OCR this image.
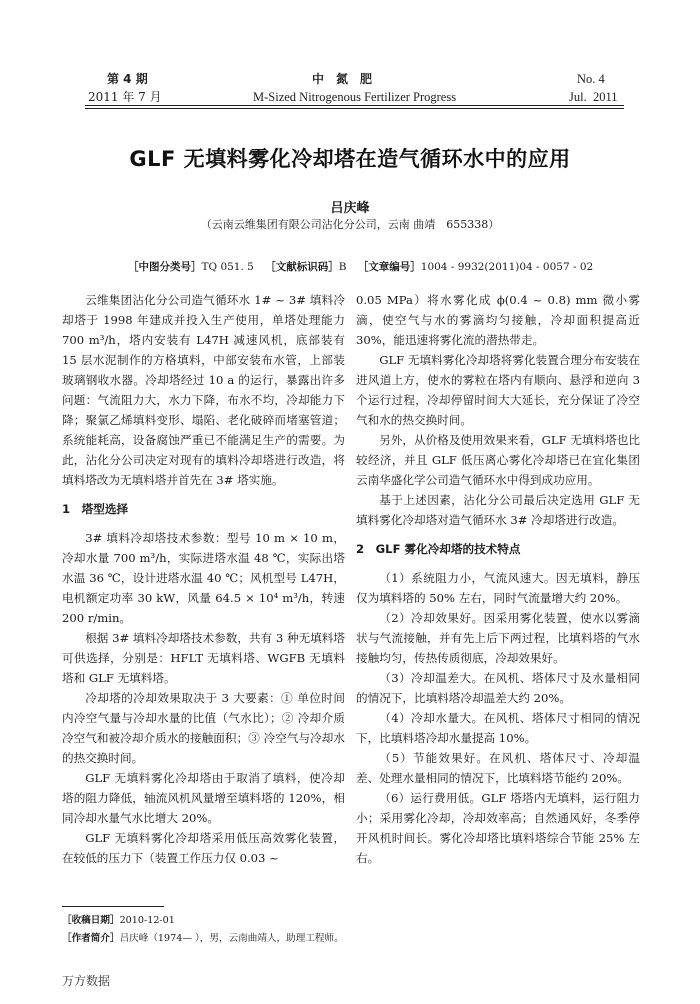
第 4 期
2011 年 7 月
中　氮　肥
M-Sized Nitrogenous Fertilizer Progress
No. 4
Jul.  2011
GLF 无填料雾化冷却塔在造气循环水中的应用
吕庆峰
（云南云维集团有限公司沾化分公司，云南 曲靖　655338）
［中图分类号］TQ 051. 5 ［文献标识码］B ［文章编号］1004 - 9932(2011)04 - 0057 - 02

云维集团沾化分公司造气循环水 1# ~ 3# 填料冷却塔于 1998 年建成并投入生产使用，单塔处理能力 700 m³/h，塔内安装有 L47H 减速风机，底部装有 15 层水泥制作的方格填料，中部安装布水管，上部装玻璃钢收水器。冷却塔经过 10 a 的运行，暴露出许多问题：气流阻力大，水力下降，布水不均，冷却能力下降；聚氯乙烯填料变形、塌陷、老化破碎而堵塞管道；系统能耗高，设备腐蚀严重已不能满足生产的需要。为此，沾化分公司决定对现有的填料冷却塔进行改造，将填料塔改为无填料塔并首先在 3# 塔实施。

1　塔型选择

3# 填料冷却塔技术参数：型号 10 m × 10 m，冷却水量 700 m³/h，实际进塔水温 48 ℃，实际出塔水温 36 ℃，设计进塔水温 40 ℃；风机型号 L47H，电机额定功率 30 kW，风量 64.5 × 10⁴ m³/h，转速 200 r/min。

根据 3# 填料冷却塔技术参数，共有 3 种无填料塔可供选择，分别是：HFLT 无填料塔、WGFB 无填料塔和 GLF 无填料塔。

冷却塔的冷却效果取决于 3 大要素：① 单位时间内冷空气量与冷却水量的比值（气水比）；② 冷却介质冷空气和被冷却介质水的接触面积；③ 冷空气与冷却水的热交换时间。

GLF 无填料雾化冷却塔由于取消了填料，使冷却塔的阻力降低，轴流风机风量增至填料塔的 120%，相同冷却水量气水比增大 20%。

GLF 无填料雾化冷却塔采用低压高效雾化装置，在较低的压力下（装置工作压力仅 0.03 ~

0.05 MPa）将水雾化成 ϕ(0.4 ~ 0.8) mm 微小雾滴，使空气与水的雾滴均匀接触，冷却面积提高近 30%，能迅速将雾化流的潜热带走。

GLF 无填料雾化冷却塔将雾化装置合理分布安装在进风道上方，使水的雾粒在塔内有顺向、悬浮和逆向 3 个运行过程，冷却停留时间大大延长，充分保证了冷空气和水的热交换时间。

另外，从价格及使用效果来看，GLF 无填料塔也比较经济，并且 GLF 低压离心雾化冷却塔已在宜化集团云南华盛化学公司造气循环水中得到成功应用。

基于上述因素，沾化分公司最后决定选用 GLF 无填料雾化冷却塔对造气循环水 3# 冷却塔进行改造。

2　GLF 雾化冷却塔的技术特点

（1）系统阻力小，气流风速大。因无填料，静压仅为填料塔的 50% 左右，同时气流量增大约 20%。

（2）冷却效果好。因采用雾化装置，使水以雾滴状与气流接触，并有先上后下两过程，比填料塔的气水接触均匀，传热传质彻底，冷却效果好。

（3）冷却温差大。在风机、塔体尺寸及水量相同的情况下，比填料塔冷却温差大约 20%。

（4）冷却水量大。在风机、塔体尺寸相同的情况下，比填料塔冷却水量提高 10%。

（5）节能效果好。在风机、塔体尺寸、冷却温差、处理水量相同的情况下，比填料塔节能约 20%。

（6）运行费用低。GLF 塔塔内无填料，运行阻力小；采用雾化冷却，冷却效率高；自然通风好，冬季停开风机时间长。雾化冷却塔比填料塔综合节能 25% 左右。

［收稿日期］2010-12-01

［作者简介］吕庆峰（1974— ），男，云南曲靖人，助理工程师。

万方数据
